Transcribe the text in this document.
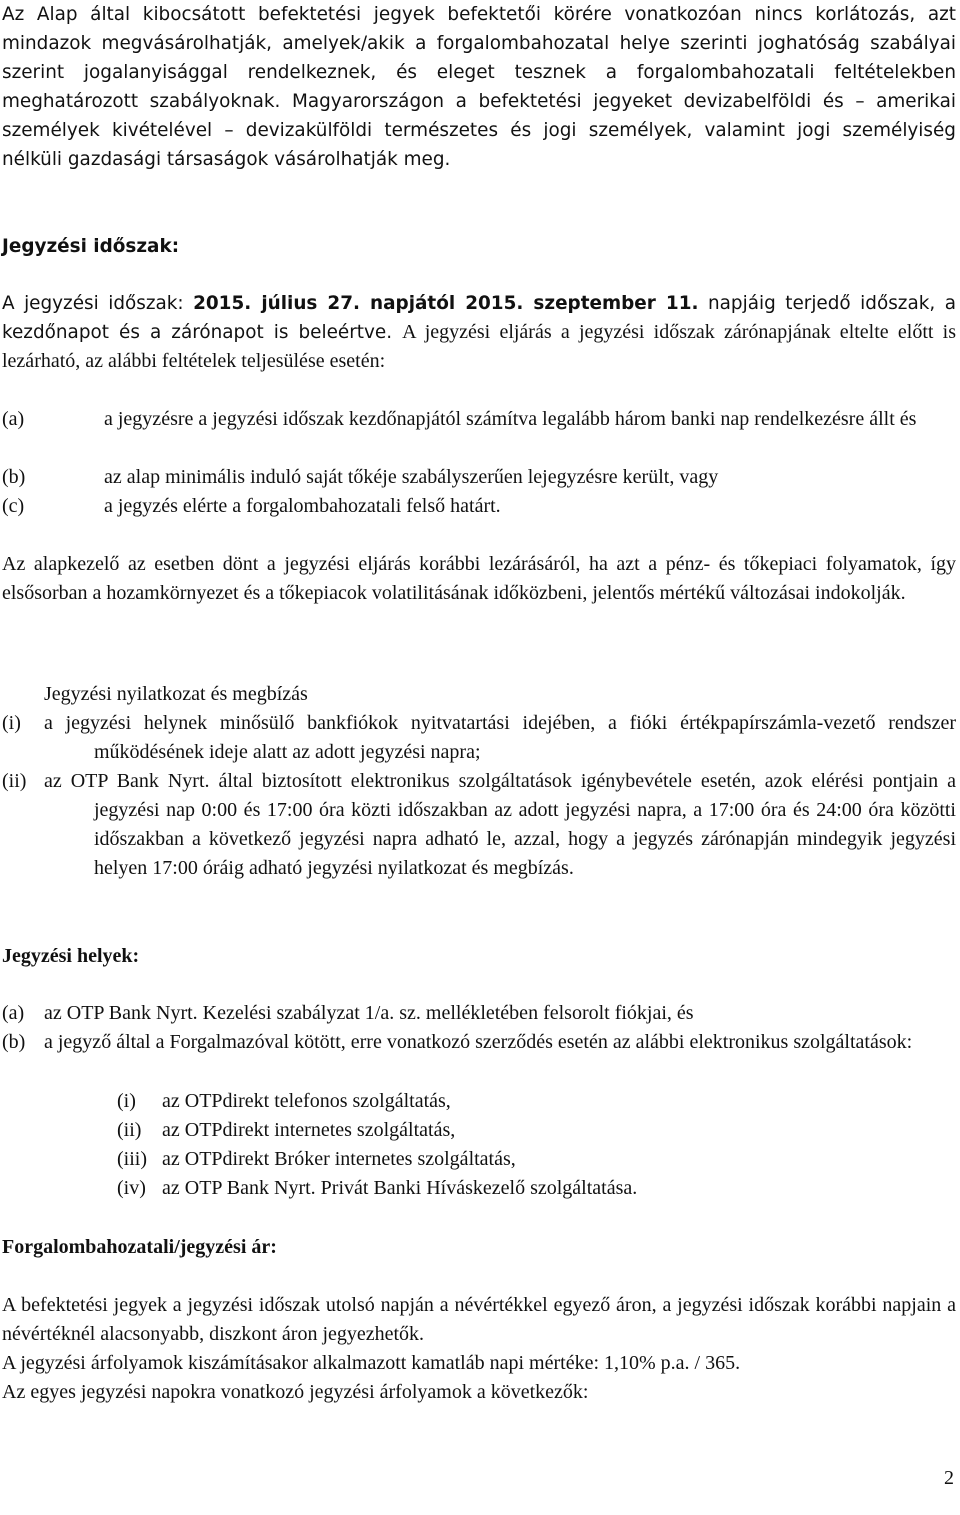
Az Alap által kibocsátott befektetési jegyek befektetői körére vonatkozóan nincs korlátozás, azt mindazok megvásárolhatják, amelyek/akik a forgalombahozatal helye szerinti joghatóság szabályai szerint jogalanyisággal rendelkeznek, és eleget tesznek a forgalombahozatali feltételekben meghatározott szabályoknak. Magyarországon a befektetési jegyeket devizabelföldi és – amerikai személyek kivételével – devizakülföldi természetes és jogi személyek, valamint jogi személyiség nélküli gazdasági társaságok vásárolhatják meg.
Jegyzési időszak:
A jegyzési időszak: 2015. július 27. napjától 2015. szeptember 11. napjáig terjedő időszak, a kezdőnapot és a zárónapot is beleértve. A jegyzési eljárás a jegyzési időszak zárónapjának eltelte előtt is lezárható, az alábbi feltételek teljesülése esetén:
(a)	a jegyzésre a jegyzési időszak kezdőnapjától számítva legalább három banki nap rendelkezésre állt és
(b)	az alap minimális induló saját tőkéje szabályszerűen lejegyzésre került, vagy
(c)	a jegyzés elérte a forgalombahozatali felső határt.
Az alapkezelő az esetben dönt a jegyzési eljárás korábbi lezárásáról, ha azt a pénz- és tőkepiaci folyamatok, így elsősorban a hozamkörnyezet és a tőkepiacok volatilitásának időközbeni, jelentős mértékű változásai indokolják.
Jegyzési nyilatkozat és megbízás
(i) a jegyzési helynek minősülő bankfiókok nyitvatartási idejében, a fióki értékpapírszámla-vezető rendszer működésének ideje alatt az adott jegyzési napra;
(ii) az OTP Bank Nyrt. által biztosított elektronikus szolgáltatások igénybevétele esetén, azok elérési pontjain a jegyzési nap 0:00 és 17:00 óra közti időszakban az adott jegyzési napra, a 17:00 óra és 24:00 óra közötti időszakban a következő jegyzési napra adható le, azzal, hogy a jegyzés zárónapján mindegyik jegyzési helyen 17:00 óráig adható jegyzési nyilatkozat és megbízás.
Jegyzési helyek:
(a) az OTP Bank Nyrt. Kezelési szabályzat 1/a. sz. mellékletében felsorolt fiókjai, és
(b) a jegyző által a Forgalmazóval kötött, erre vonatkozó szerződés esetén az alábbi elektronikus szolgáltatások:
(i) az OTPdirekt telefonos szolgáltatás,
(ii) az OTPdirekt internetes szolgáltatás,
(iii) az OTPdirekt Bróker internetes szolgáltatás,
(iv) az OTP Bank Nyrt. Privát Banki Híváskezelő szolgáltatása.
Forgalombahozatali/jegyzési ár:
A befektetési jegyek a jegyzési időszak utolsó napján a névértékkel egyező áron, a jegyzési időszak korábbi napjain a névértéknél alacsonyabb, diszkont áron jegyezhetők.
A jegyzési árfolyamok kiszámításakor alkalmazott kamatláb napi mértéke: 1,10% p.a. / 365.
Az egyes jegyzési napokra vonatkozó jegyzési árfolyamok a következők:
2
